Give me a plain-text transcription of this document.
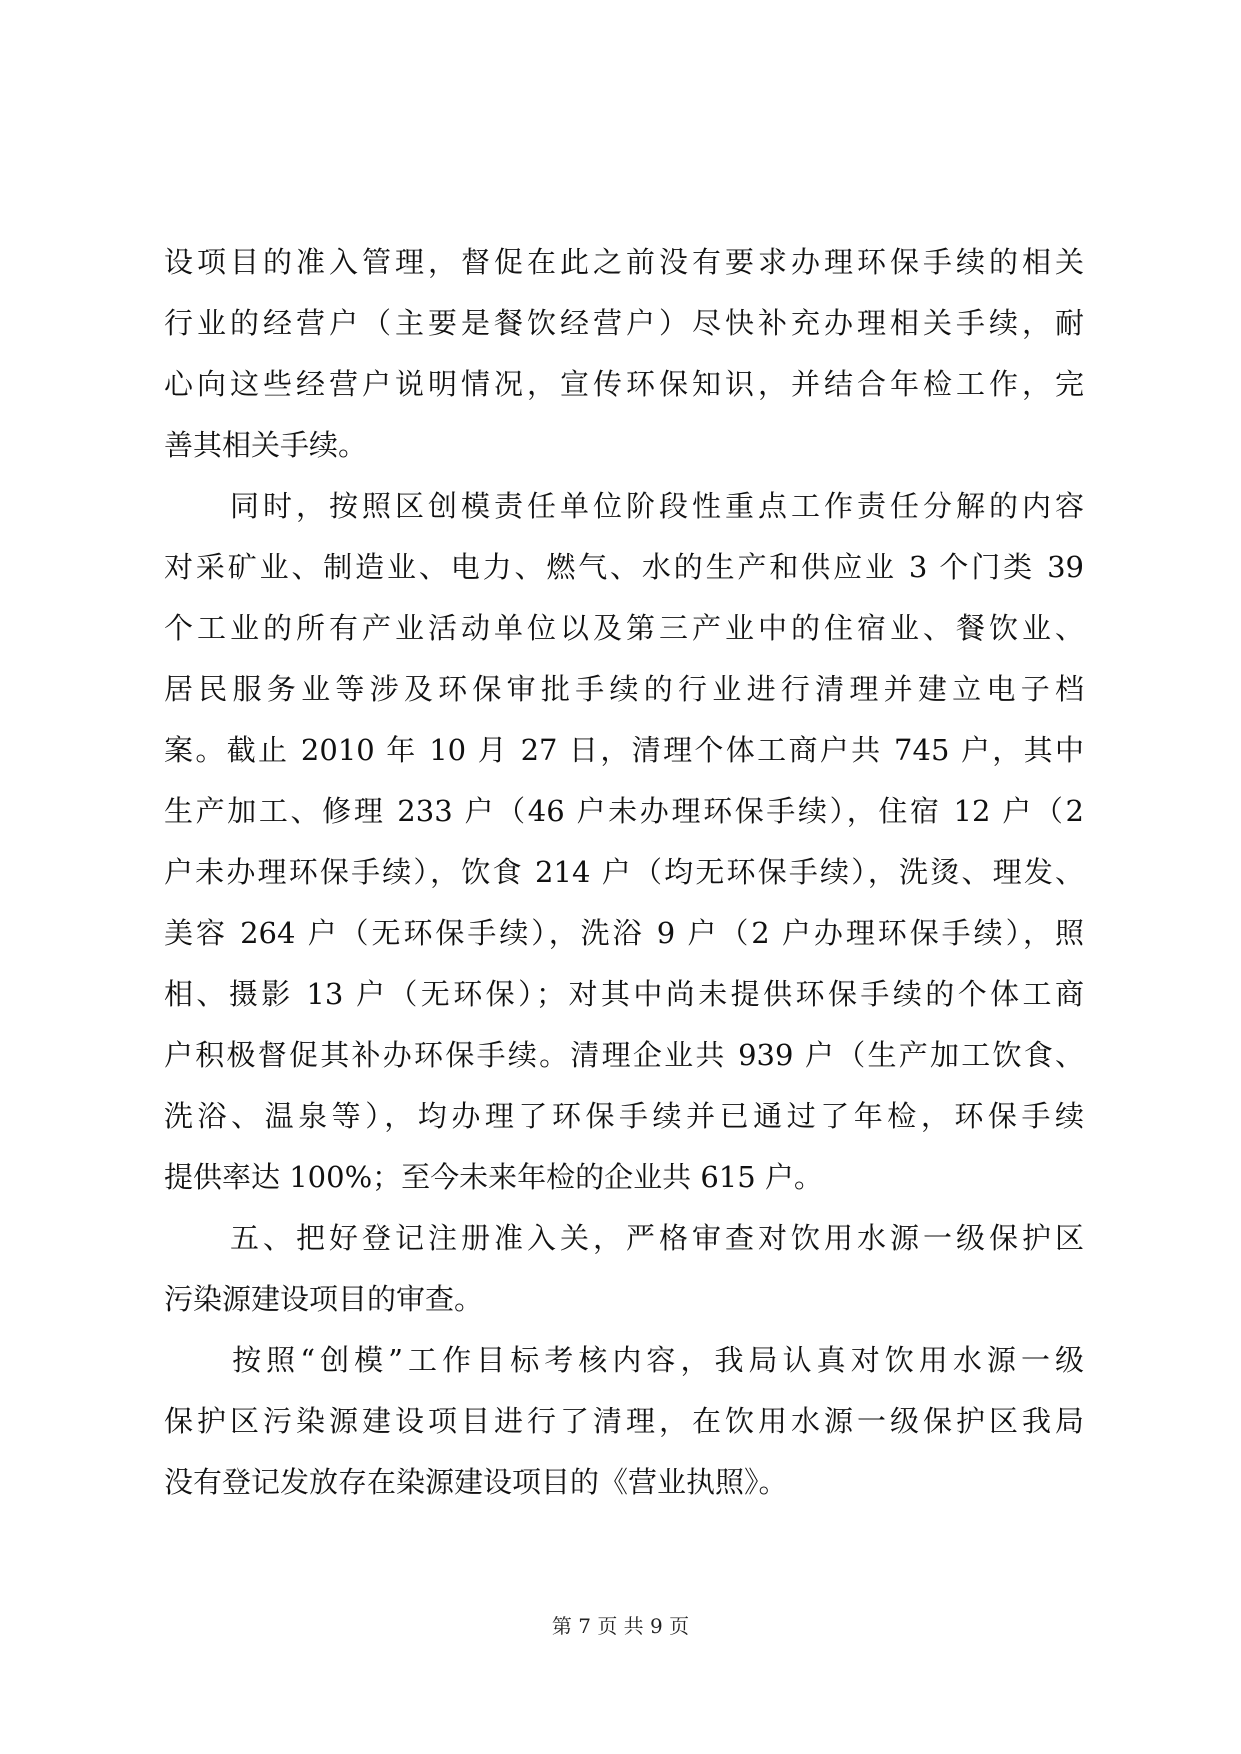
设项目的准入管理，督促在此之前没有要求办理环保手续的相关
行业的经营户（主要是餐饮经营户）尽快补充办理相关手续，耐
心向这些经营户说明情况，宣传环保知识，并结合年检工作，完
善其相关手续。
　　同时，按照区创模责任单位阶段性重点工作责任分解的内容
对采矿业、制造业、电力、燃气、水的生产和供应业 3 个门类 39
个工业的所有产业活动单位以及第三产业中的住宿业、餐饮业、
居民服务业等涉及环保审批手续的行业进行清理并建立电子档
案。截止 2010 年 10 月 27 日，清理个体工商户共 745 户，其中
生产加工、修理 233 户（46 户未办理环保手续），住宿 12 户（2
户未办理环保手续），饮食 214 户（均无环保手续），洗烫、理发、
美容 264 户（无环保手续），洗浴 9 户（2 户办理环保手续），照
相、摄影 13 户（无环保）；对其中尚未提供环保手续的个体工商
户积极督促其补办环保手续。清理企业共 939 户（生产加工饮食、
洗浴、温泉等），均办理了环保手续并已通过了年检，环保手续
提供率达 100%；至今未来年检的企业共 615 户。
　　五、把好登记注册准入关，严格审查对饮用水源一级保护区
污染源建设项目的审查。
　　按照“创模”工作目标考核内容，我局认真对饮用水源一级
保护区污染源建设项目进行了清理，在饮用水源一级保护区我局
没有登记发放存在染源建设项目的《营业执照》。
第 7 页 共 9 页
